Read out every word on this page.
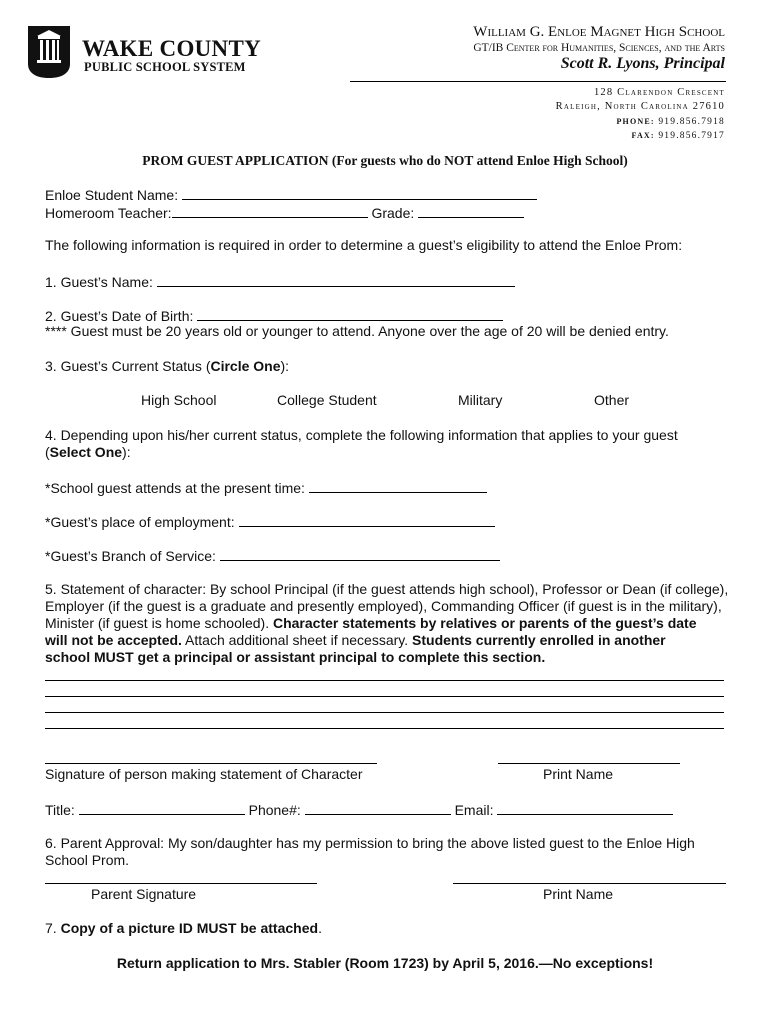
WAKE COUNTY
PUBLIC SCHOOL SYSTEM
William G. Enloe Magnet High School
GT/IB Center for Humanities, Sciences, and the Arts
Scott R. Lyons, Principal
128 Clarendon Crescent
Raleigh, North Carolina 27610
PHONE: 919.856.7918
FAX: 919.856.7917
PROM GUEST APPLICATION (For guests who do NOT attend Enloe High School)
Enloe Student Name:
Homeroom Teacher:	Grade:
The following information is required in order to determine a guest’s eligibility to attend the Enloe Prom:
1. Guest’s Name:
2. Guest’s Date of Birth:
**** Guest must be 20 years old or younger to attend. Anyone over the age of 20 will be denied entry.
3. Guest’s Current Status (Circle One):
High School	College Student	Military	Other
4. Depending upon his/her current status, complete the following information that applies to your guest
(Select One):
*School guest attends at the present time:
*Guest’s place of employment:
*Guest’s Branch of Service:
5. Statement of character: By school Principal (if the guest attends high school), Professor or Dean (if college),
Employer (if the guest is a graduate and presently employed), Commanding Officer (if guest is in the military),
Minister (if guest is home schooled). Character statements by relatives or parents of the guest’s date
will not be accepted. Attach additional sheet if necessary. Students currently enrolled in another
school MUST get a principal or assistant principal to complete this section.
Signature of person making statement of Character	Print Name
Title:	Phone#:	Email:
6. Parent Approval: My son/daughter has my permission to bring the above listed guest to the Enloe High
School Prom.
Parent Signature	Print Name
7. Copy of a picture ID MUST be attached.
Return application to Mrs. Stabler (Room 1723) by April 5, 2016.—No exceptions!
